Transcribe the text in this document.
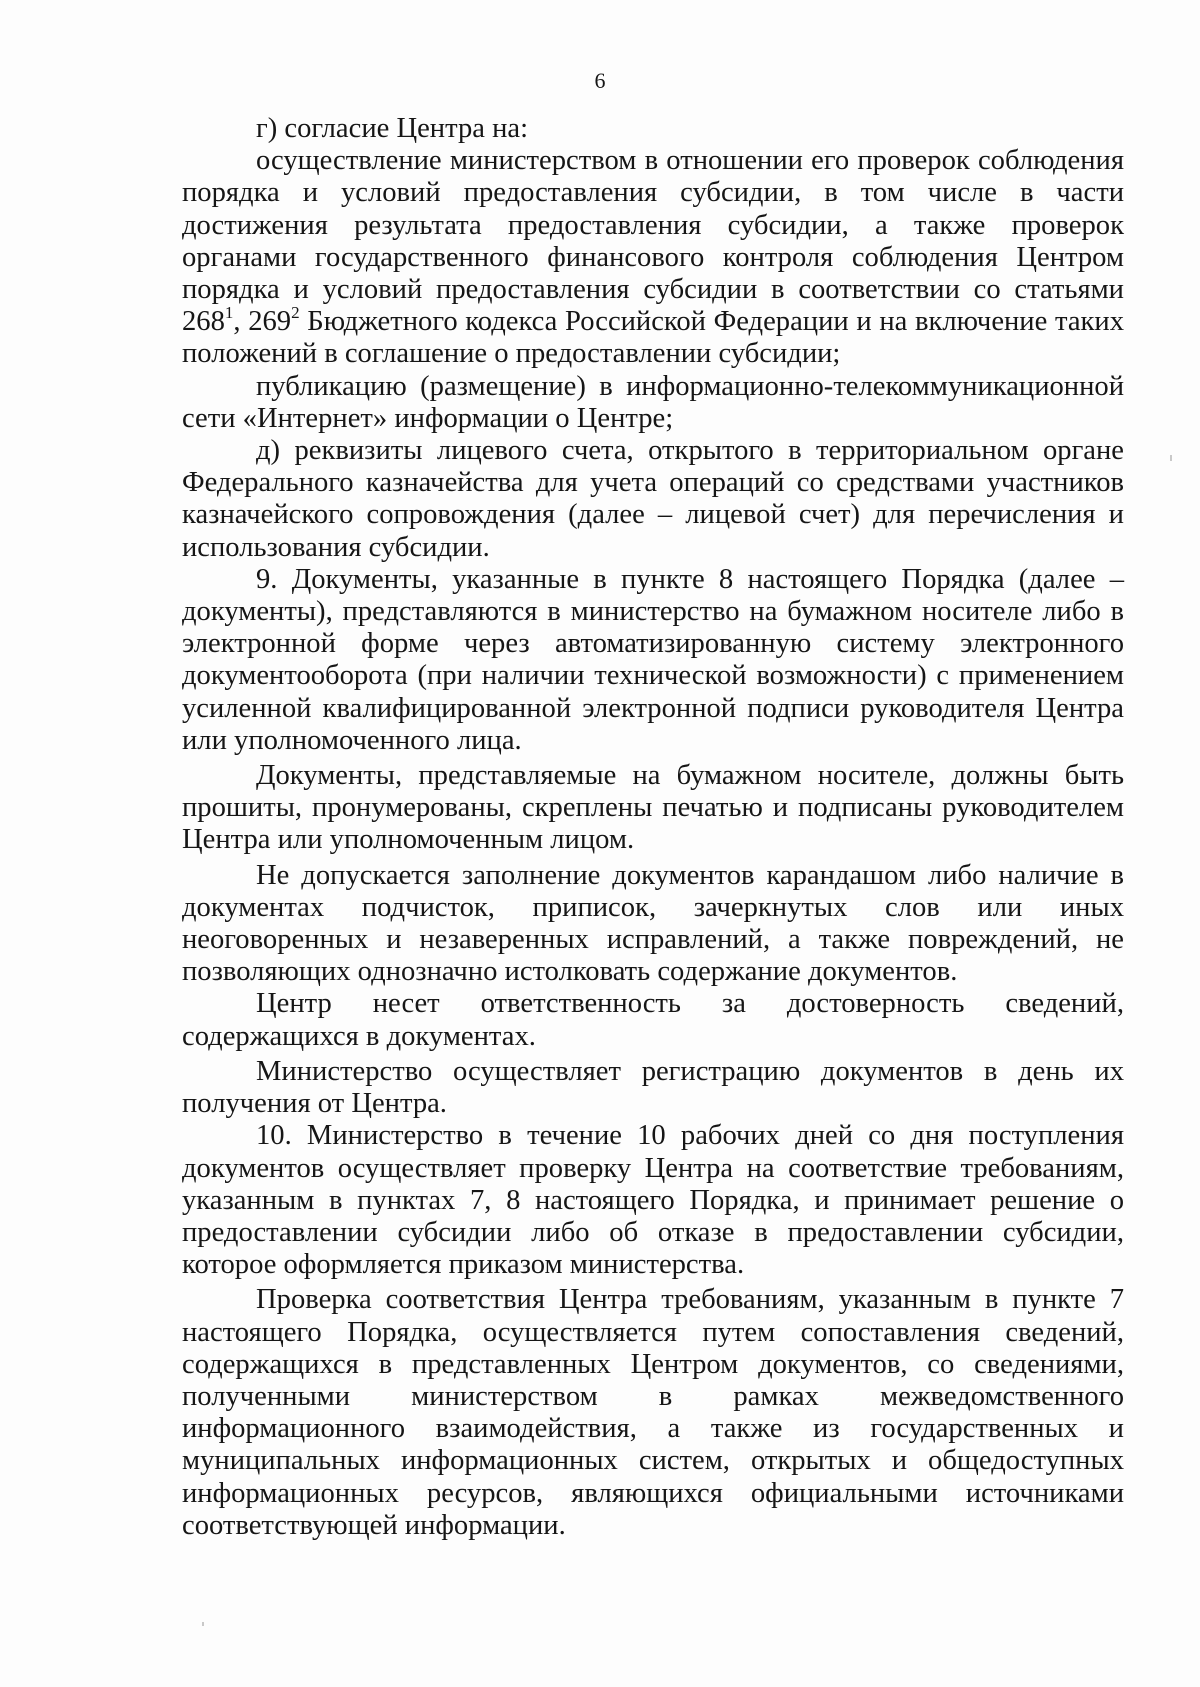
6

г) согласие Центра на:

осуществление министерством в отношении его проверок соблюдения порядка и условий предоставления субсидии, в том числе в части достижения результата предоставления субсидии, а также проверок органами государственного финансового контроля соблюдения Центром порядка и условий предоставления субсидии в соответствии со статьями $268^1$, $269^2$ Бюджетного кодекса Российской Федерации и на включение таких положений в соглашение о предоставлении субсидии;

публикацию (размещение) в информационно-телекоммуникационной сети «Интернет» информации о Центре;

д) реквизиты лицевого счета, открытого в территориальном органе Федерального казначейства для учета операций со средствами участников казначейского сопровождения (далее – лицевой счет) для перечисления и использования субсидии.

9. Документы, указанные в пункте 8 настоящего Порядка (далее – документы), представляются в министерство на бумажном носителе либо в электронной форме через автоматизированную систему электронного документооборота (при наличии технической возможности) с применением усиленной квалифицированной электронной подписи руководителя Центра или уполномоченного лица.

Документы, представляемые на бумажном носителе, должны быть прошиты, пронумерованы, скреплены печатью и подписаны руководителем Центра или уполномоченным лицом.

Не допускается заполнение документов карандашом либо наличие в документах подчисток, приписок, зачеркнутых слов или иных неоговоренных и незаверенных исправлений, а также повреждений, не позволяющих однозначно истолковать содержание документов.

Центр несет ответственность за достоверность сведений, содержащихся в документах.

Министерство осуществляет регистрацию документов в день их получения от Центра.

10. Министерство в течение 10 рабочих дней со дня поступления документов осуществляет проверку Центра на соответствие требованиям, указанным в пунктах 7, 8 настоящего Порядка, и принимает решение о предоставлении субсидии либо об отказе в предоставлении субсидии, которое оформляется приказом министерства.

Проверка соответствия Центра требованиям, указанным в пункте 7 настоящего Порядка, осуществляется путем сопоставления сведений, содержащихся в представленных Центром документов, со сведениями, полученными министерством в рамках межведомственного информационного взаимодействия, а также из государственных и муниципальных информационных систем, открытых и общедоступных информационных ресурсов, являющихся официальными источниками соответствующей информации.
